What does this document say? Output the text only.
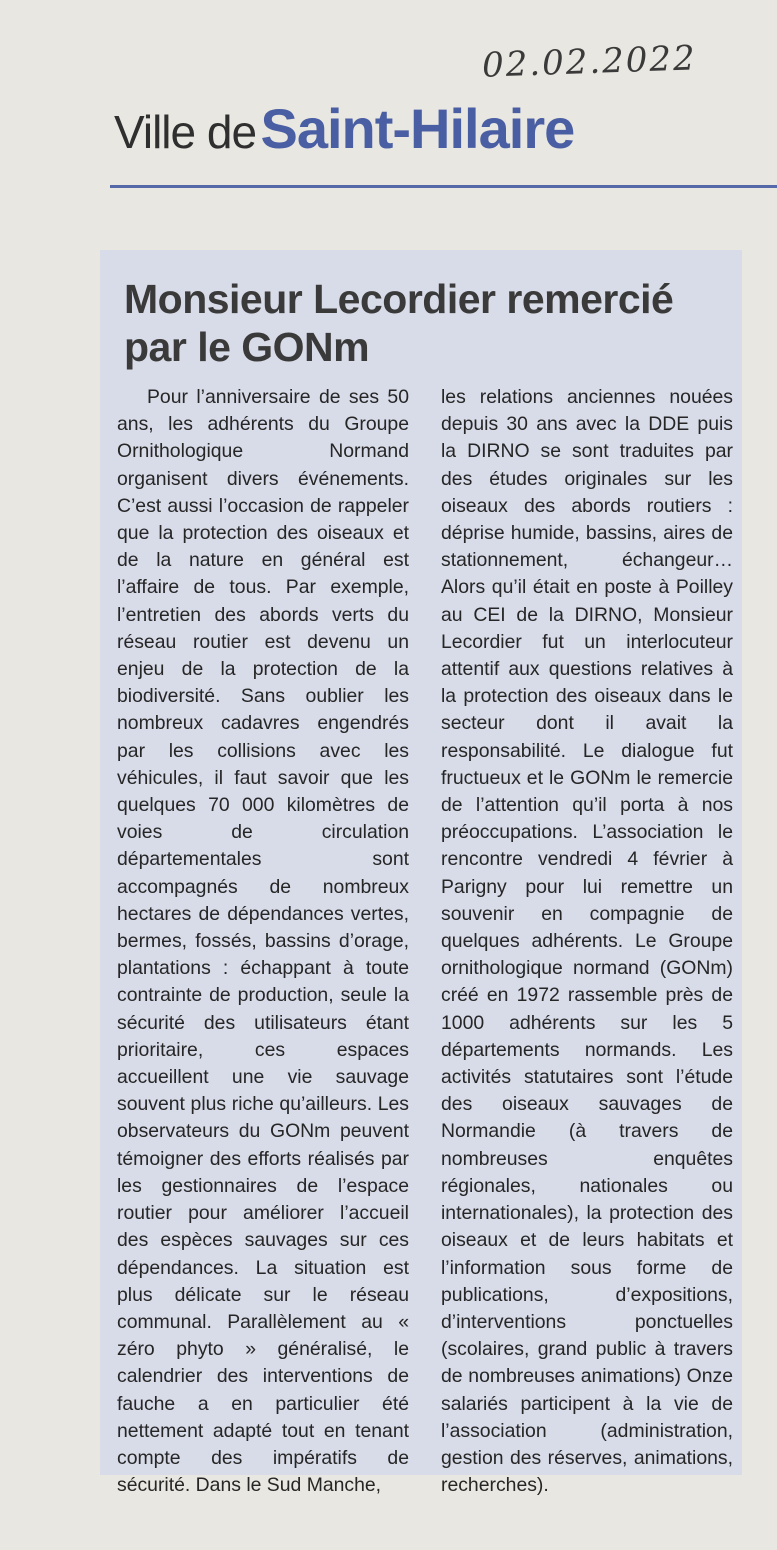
02.02.2022
Ville de Saint-Hilaire
Monsieur Lecordier remercié par le GONm

Pour l’anniversaire de ses 50 ans, les adhérents du Groupe Ornithologique Normand organisent divers événements. C’est aussi l’occasion de rappeler que la protection des oiseaux et de la nature en général est l’affaire de tous. Par exemple, l’entretien des abords verts du réseau routier est devenu un enjeu de la protection de la biodiversité. Sans oublier les nombreux cadavres engendrés par les collisions avec les véhicules, il faut savoir que les quelques 70 000 kilomètres de voies de circulation départementales sont accompagnés de nombreux hectares de dépendances vertes, bermes, fossés, bassins d’orage, plantations : échappant à toute contrainte de production, seule la sécurité des utilisateurs étant prioritaire, ces espaces accueillent une vie sauvage souvent plus riche qu’ailleurs. Les observateurs du GONm peuvent témoigner des efforts réalisés par les gestionnaires de l’espace routier pour améliorer l’accueil des espèces sauvages sur ces dépendances. La situation est plus délicate sur le réseau communal. Parallèlement au « zéro phyto » généralisé, le calendrier des interventions de fauche a en particulier été nettement adapté tout en tenant compte des impératifs de sécurité. Dans le Sud Manche,

les relations anciennes nouées depuis 30 ans avec la DDE puis la DIRNO se sont traduites par des études originales sur les oiseaux des abords routiers : déprise humide, bassins, aires de stationnement, échangeur… Alors qu’il était en poste à Poilley au CEI de la DIRNO, Monsieur Lecordier fut un interlocuteur attentif aux questions relatives à la protection des oiseaux dans le secteur dont il avait la responsabilité. Le dialogue fut fructueux et le GONm le remercie de l’attention qu’il porta à nos préoccupations. L’association le rencontre vendredi 4 février à Parigny pour lui remettre un souvenir en compagnie de quelques adhérents. Le Groupe ornithologique normand (GONm) créé en 1972 rassemble près de 1000 adhérents sur les 5 départements normands. Les activités statutaires sont l’étude des oiseaux sauvages de Normandie (à travers de nombreuses enquêtes régionales, nationales ou internationales), la protection des oiseaux et de leurs habitats et l’information sous forme de publications, d’expositions, d’interventions ponctuelles (scolaires, grand public à travers de nombreuses animations) Onze salariés participent à la vie de l’association (administration, gestion des réserves, animations, recherches).
